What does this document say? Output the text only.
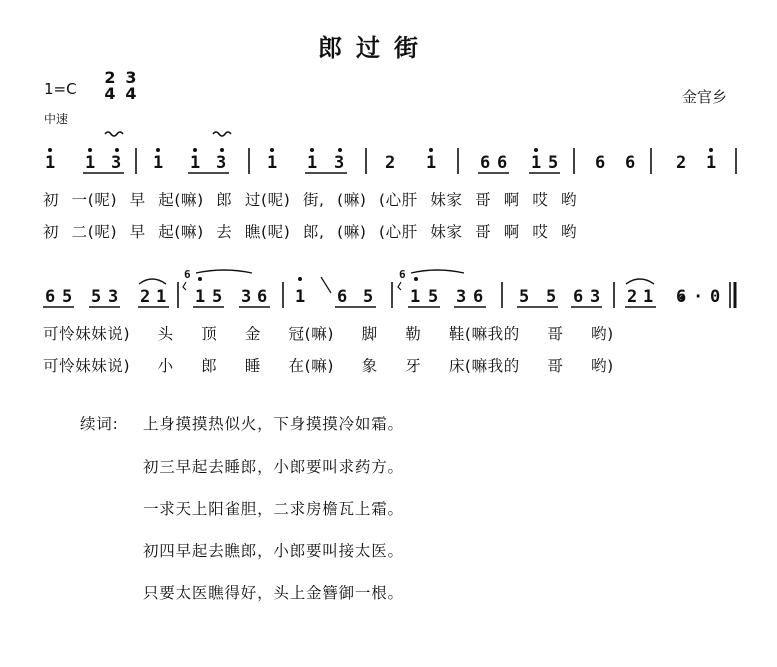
郎过街
1=C
2
4
3
4
中速
金官乡
1 1 3 1 1 3 1 1 3 2 1	6 6 1 5 6 6 2 1
初 一(呢) 早 起(嘛) 郎 过(呢) 街, (嘛) (心肝 妹家 哥 啊 哎 哟
初 二(呢) 早 起(嘛) 去 瞧(呢) 郎, (嘛) (心肝 妹家 哥 啊 哎 哟
6	6
6 5 5 3 2 1 1 5 3 6 1 6 5 1 5 3 6 5 5 6 3 2 1 6 · 0
可怜妹妹说) 头 顶 金 冠(嘛) 脚 勒 鞋(嘛我的 哥 哟)
可怜妹妹说) 小 郎 睡 在(嘛) 象 牙 床(嘛我的 哥 哟)
续词: 上身摸摸热似火，下身摸摸冷如霜。
初三早起去睡郎，小郎要叫求药方。
一求天上阳雀胆，二求房檐瓦上霜。
初四早起去瞧郎，小郎要叫接太医。
只要太医瞧得好，头上金簪御一根。
